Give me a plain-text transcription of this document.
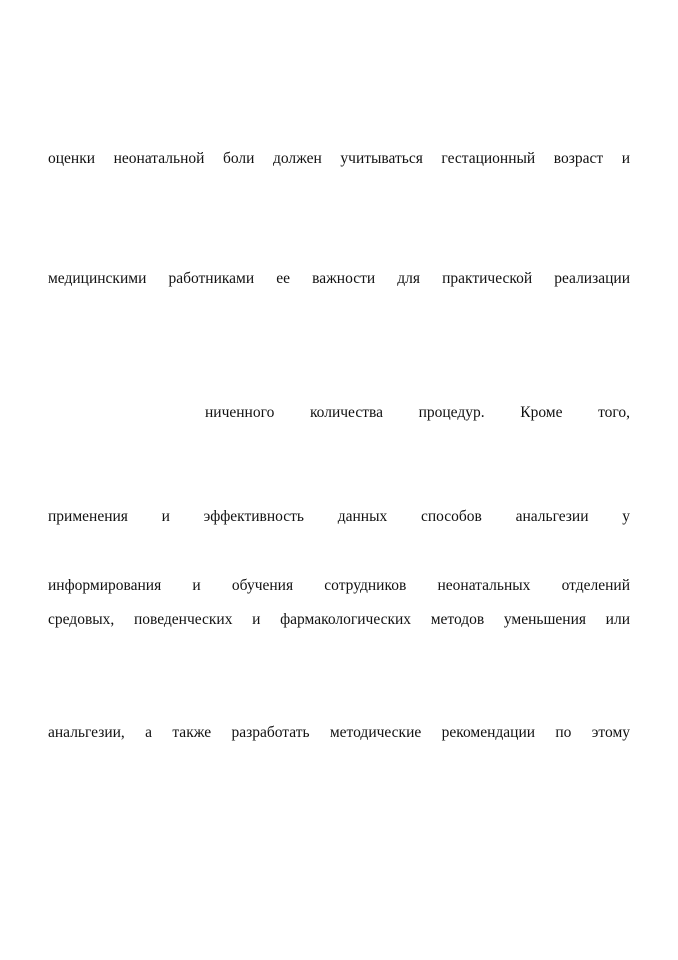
оценки неонатальной боли должен учитываться гестационный возраст и
медицинскими работниками ее важности для практической реализации
ниченного количества процедур. Кроме того,
применения и эффективность данных способов анальгезии у
информирования и обучения сотрудников неонатальных отделений
средовых, поведенческих и фармакологических методов уменьшения или
анальгезии, а также разработать методические рекомендации по этому
